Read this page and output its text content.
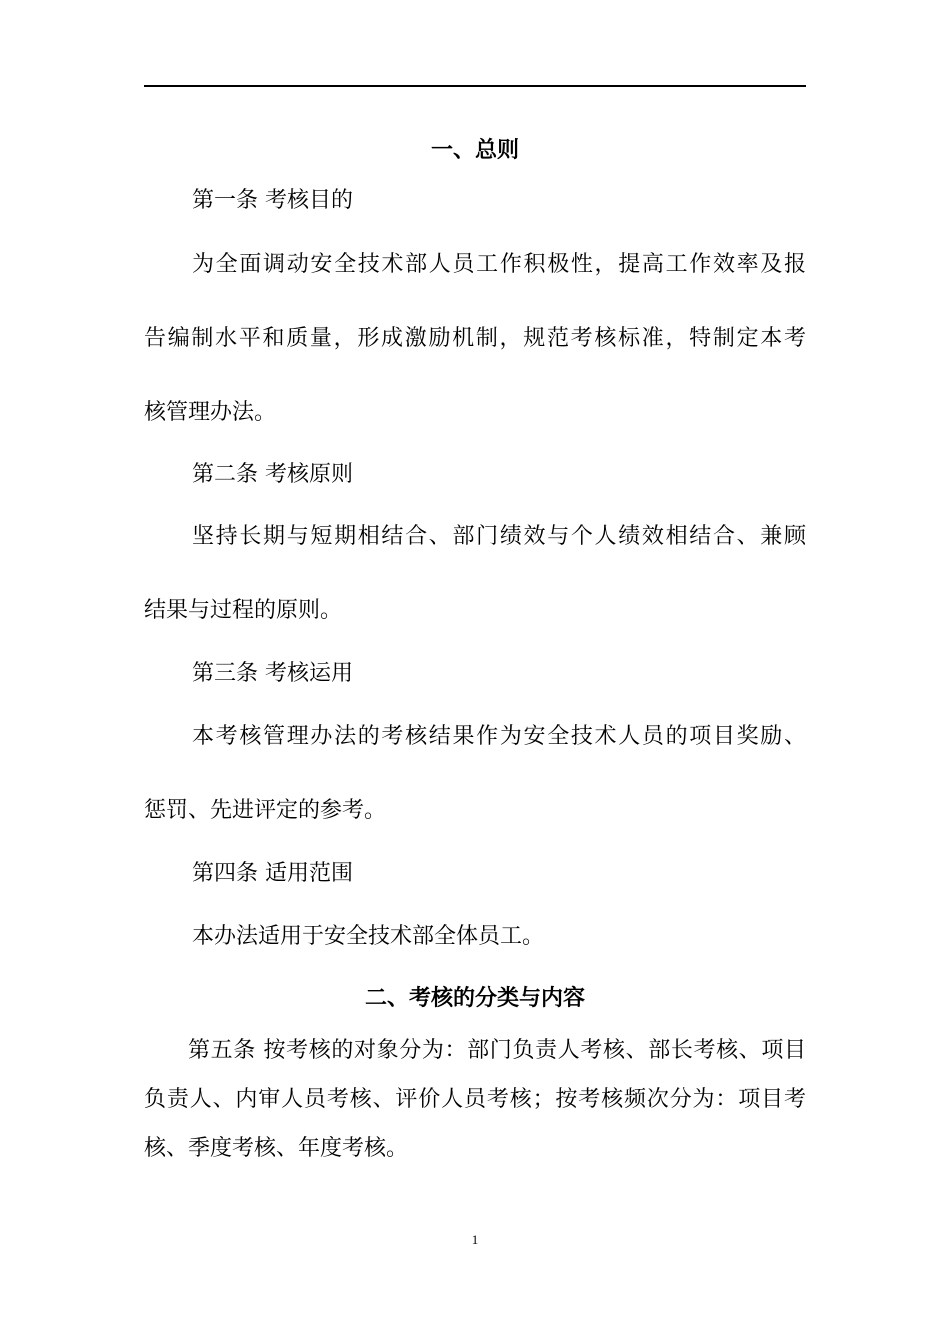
一、总则
第一条 考核目的
为全面调动安全技术部人员工作积极性，提高工作效率及报
告编制水平和质量，形成激励机制，规范考核标准，特制定本考
核管理办法。
第二条 考核原则
坚持长期与短期相结合、部门绩效与个人绩效相结合、兼顾
结果与过程的原则。
第三条 考核运用
本考核管理办法的考核结果作为安全技术人员的项目奖励、
惩罚、先进评定的参考。
第四条 适用范围
本办法适用于安全技术部全体员工。
二、考核的分类与内容
第五条 按考核的对象分为：部门负责人考核、部长考核、项目
负责人、内审人员考核、评价人员考核；按考核频次分为：项目考
核、季度考核、年度考核。
1
